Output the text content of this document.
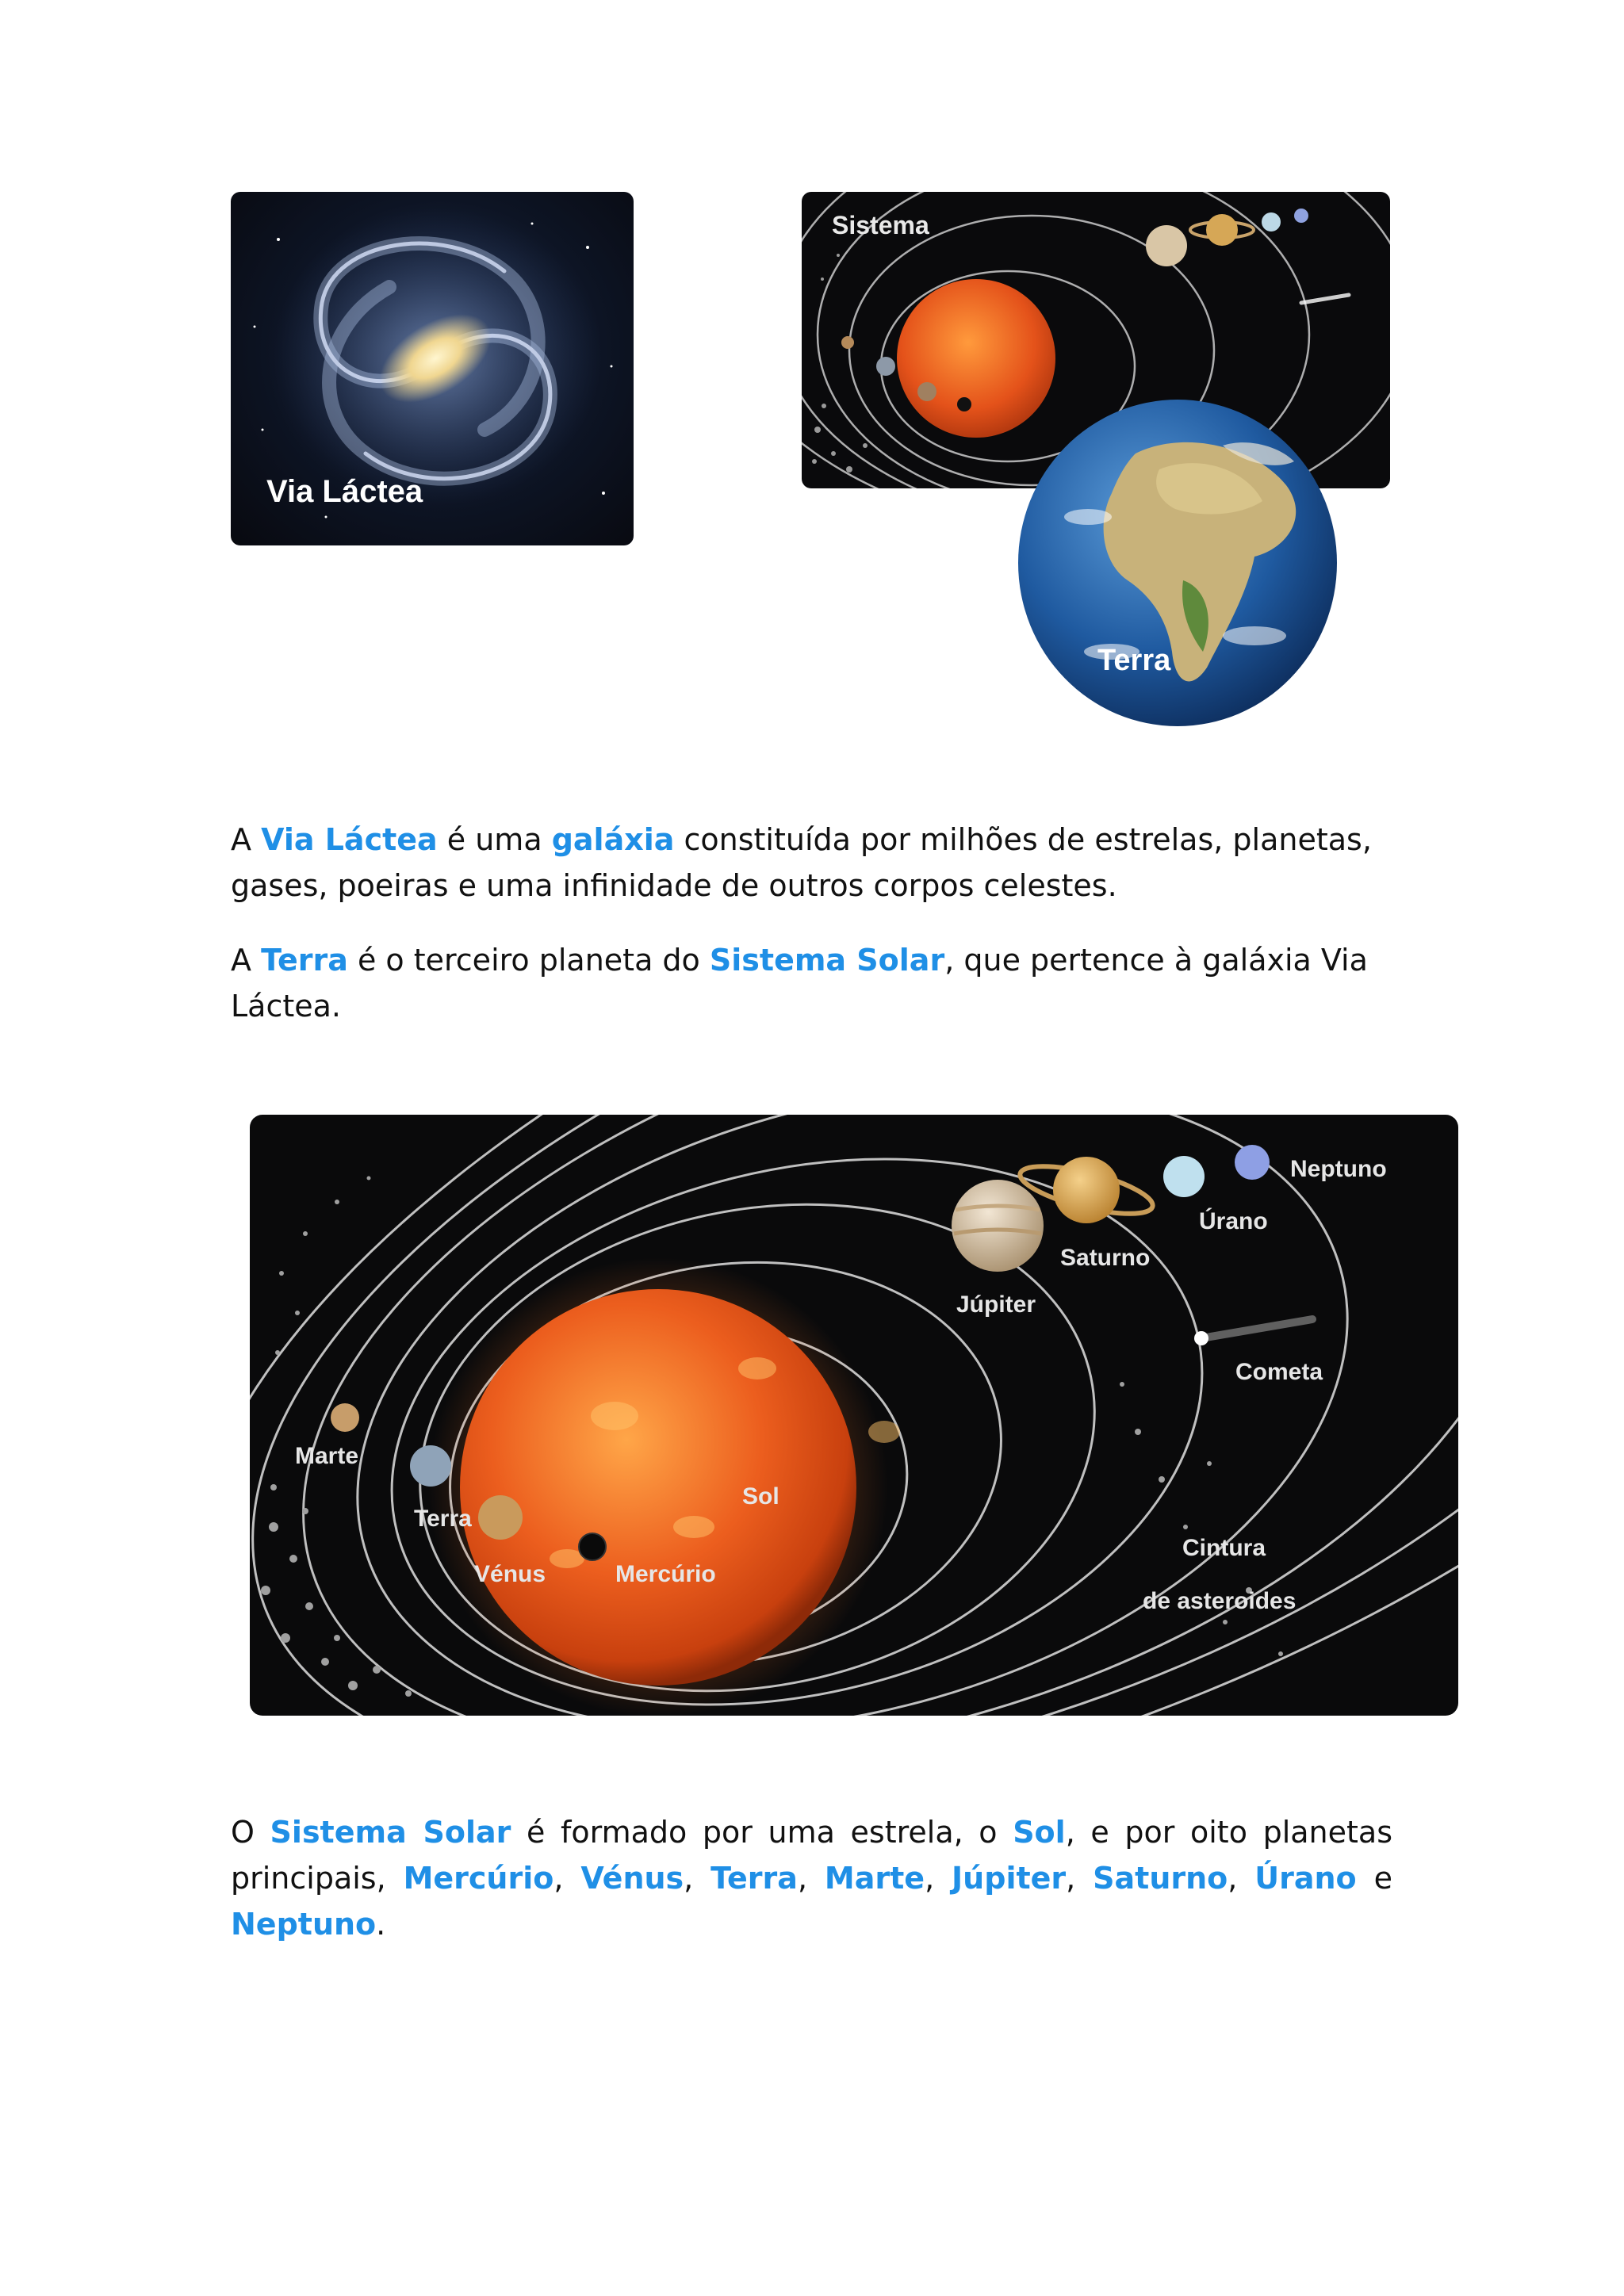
Via Láctea
Sistema
Terra

A Via Láctea é uma galáxia constituída por milhões de estrelas, planetas, gases, poeiras e uma infinidade de outros corpos celestes.

A Terra é o terceiro planeta do Sistema Solar, que pertence à galáxia Via Láctea.

Neptuno
Úrano
Saturno
Júpiter
Cometa
Marte
Terra
Sol
Vénus	Mercúrio
Cintura
de asteroides

O Sistema Solar é formado por uma estrela, o Sol, e por oito planetas principais, Mercúrio, Vénus, Terra, Marte, Júpiter, Saturno, Úrano e Neptuno.
